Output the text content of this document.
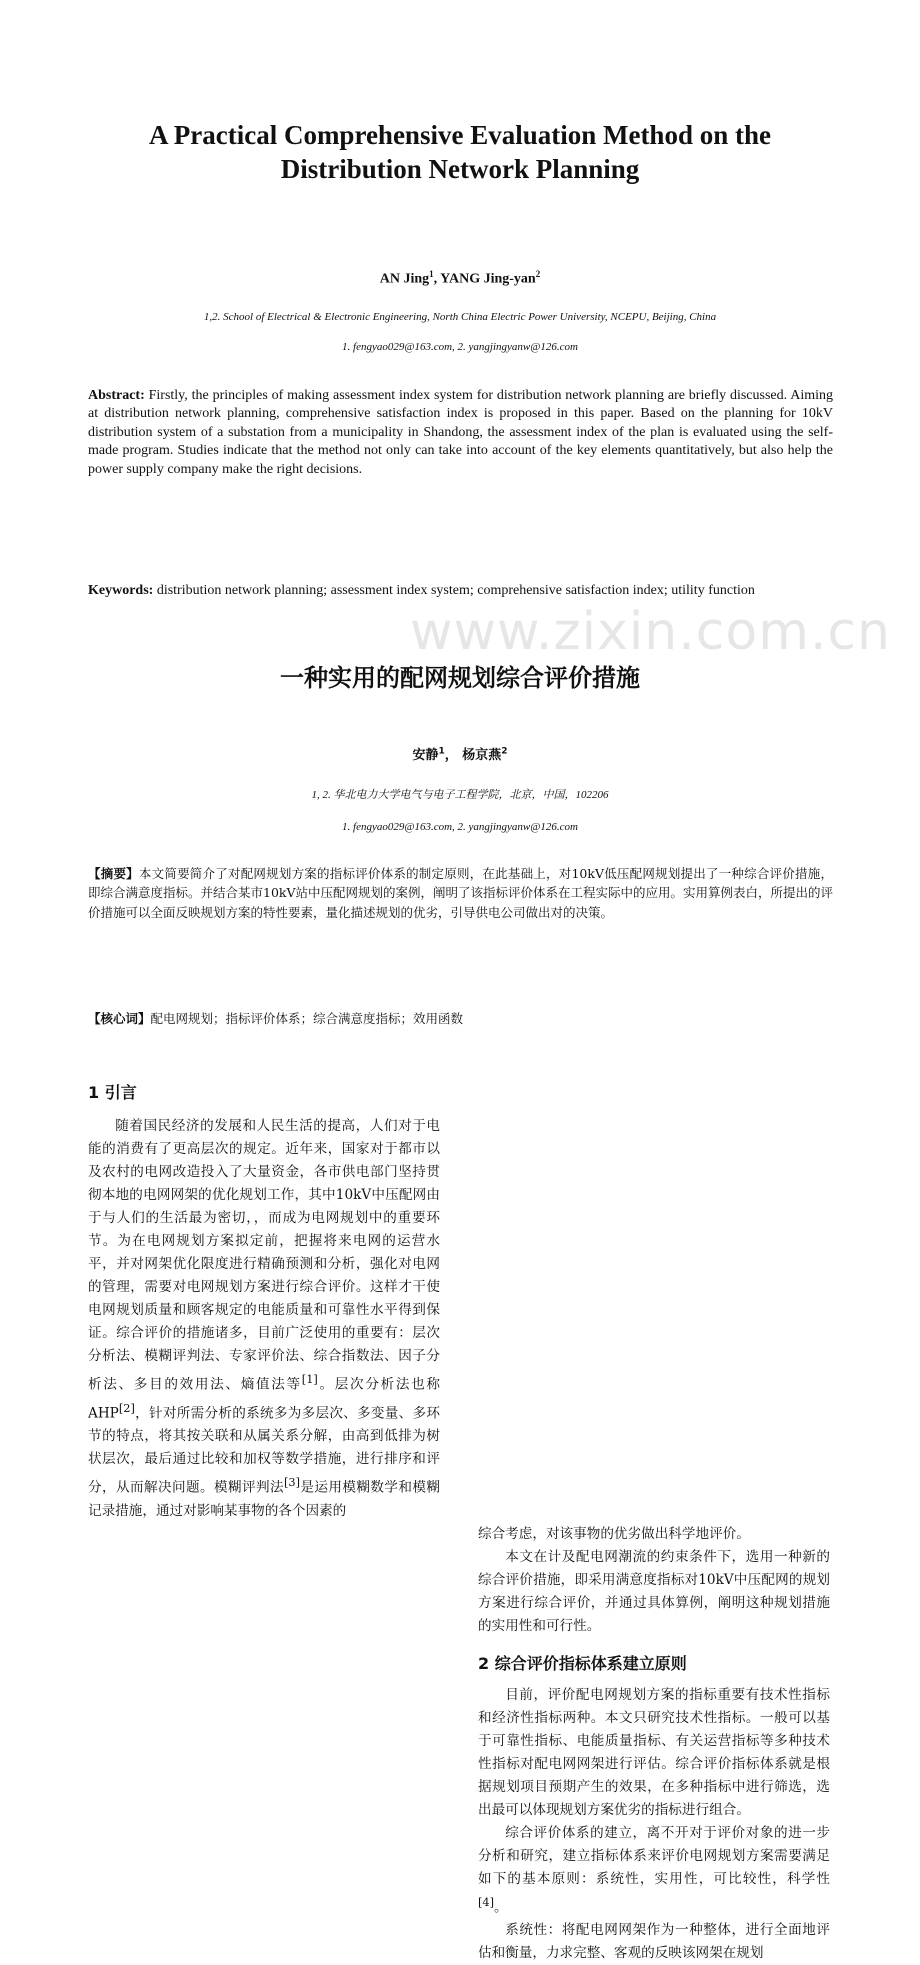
www.zixin.com.cn
A Practical Comprehensive Evaluation Method on the Distribution Network Planning
AN Jing$^1$, YANG Jing-yan$^2$
1,2. School of Electrical & Electronic Engineering, North China Electric Power University, NCEPU, Beijing, China
1. fengyao029@163.com, 2. yangjingyanw@126.com
Abstract: Firstly, the principles of making assessment index system for distribution network planning are briefly discussed. Aiming at distribution network planning, comprehensive satisfaction index is proposed in this paper. Based on the planning for 10kV distribution system of a substation from a municipality in Shandong, the assessment index of the plan is evaluated using the self-made program. Studies indicate that the method not only can take into account of the key elements quantitatively, but also help the power supply company make the right decisions.
Keywords: distribution network planning; assessment index system; comprehensive satisfaction index; utility function
一种实用的配网规划综合评价措施
安静$^1$， 杨京燕$^2$
1, 2. 华北电力大学电气与电子工程学院，北京，中国，102206
1. fengyao029@163.com, 2. yangjingyanw@126.com
【摘要】本文简要简介了对配网规划方案的指标评价体系的制定原则，在此基础上，对10kV低压配网规划提出了一种综合评价措施，即综合满意度指标。并结合某市10kV站中压配网规划的案例，阐明了该指标评价体系在工程实际中的应用。实用算例表白，所提出的评价措施可以全面反映规划方案的特性要素，量化描述规划的优劣，引导供电公司做出对的决策。
【核心词】配电网规划；指标评价体系；综合满意度指标；效用函数
1 引言

随着国民经济的发展和人民生活的提高，人们对于电能的消费有了更高层次的规定。近年来，国家对于都市以及农村的电网改造投入了大量资金，各市供电部门坚持贯彻本地的电网网架的优化规划工作，其中10kV中压配网由于与人们的生活最为密切，，而成为电网规划中的重要环节。为在电网规划方案拟定前，把握将来电网的运营水平，并对网架优化限度进行精确预测和分析，强化对电网的管理，需要对电网规划方案进行综合评价。这样才干使电网规划质量和顾客规定的电能质量和可靠性水平得到保证。综合评价的措施诸多，目前广泛使用的重要有：层次分析法、模糊评判法、专家评价法、综合指数法、因子分析法、多目的效用法、熵值法等[1]。层次分析法也称AHP[2]，针对所需分析的系统多为多层次、多变量、多环节的特点，将其按关联和从属关系分解，由高到低排为树状层次，最后通过比较和加权等数学措施，进行排序和评分，从而解决问题。模糊评判法[3]是运用模糊数学和模糊记录措施，通过对影响某事物的各个因素的

综合考虑，对该事物的优劣做出科学地评价。

本文在计及配电网潮流的约束条件下，选用一种新的综合评价措施，即采用满意度指标对10kV中压配网的规划方案进行综合评价，并通过具体算例，阐明这种规划措施的实用性和可行性。

2 综合评价指标体系建立原则

目前，评价配电网规划方案的指标重要有技术性指标和经济性指标两种。本文只研究技术性指标。一般可以基于可靠性指标、电能质量指标、有关运营指标等多种技术性指标对配电网网架进行评估。综合评价指标体系就是根据规划项目预期产生的效果，在多种指标中进行筛选，选出最可以体现规划方案优劣的指标进行组合。

综合评价体系的建立，离不开对于评价对象的进一步分析和研究，建立指标体系来评价电网规划方案需要满足如下的基本原则：系统性，实用性，可比较性，科学性[4]。

系统性：将配电网网架作为一种整体，进行全面地评估和衡量，力求完整、客观的反映该网架在规划
